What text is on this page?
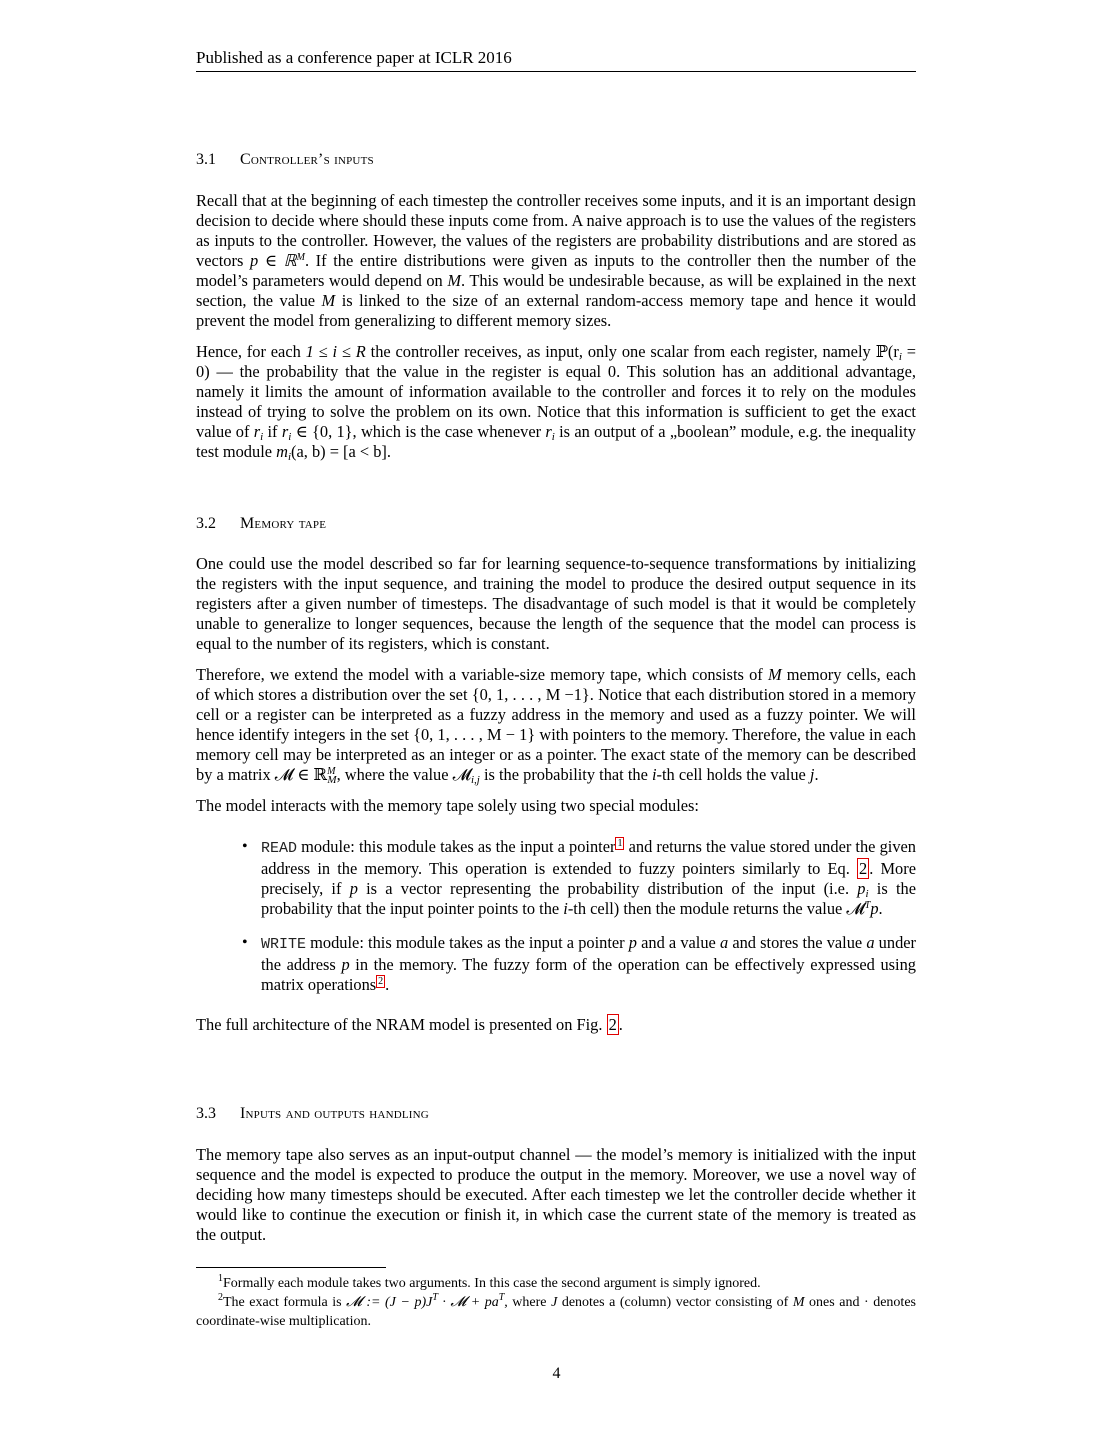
Published as a conference paper at ICLR 2016
3.1 Controller’s inputs

Recall that at the beginning of each timestep the controller receives some inputs, and it is an important design decision to decide where should these inputs come from. A naive approach is to use the values of the registers as inputs to the controller. However, the values of the registers are probability distributions and are stored as vectors p ∈ ℝ$^M$. If the entire distributions were given as inputs to the controller then the number of the model’s parameters would depend on M. This would be undesirable because, as will be explained in the next section, the value M is linked to the size of an external random-access memory tape and hence it would prevent the model from generalizing to different memory sizes.

Hence, for each 1 ≤ i ≤ R the controller receives, as input, only one scalar from each register, namely $ℙ(r_i = 0)$ — the probability that the value in the register is equal 0. This solution has an additional advantage, namely it limits the amount of information available to the controller and forces it to rely on the modules instead of trying to solve the problem on its own. Notice that this information is sufficient to get the exact value of $r_i$ if $r_i$ ∈ {0, 1}, which is the case whenever $r_i$ is an output of a „boolean” module, e.g. the inequality test module $m_i(a$, b) = [a < b].

3.2 Memory tape

One could use the model described so far for learning sequence-to-sequence transformations by initializing the registers with the input sequence, and training the model to produce the desired output sequence in its registers after a given number of timesteps. The disadvantage of such model is that it would be completely unable to generalize to longer sequences, because the length of the sequence that the model can process is equal to the number of its registers, which is constant.

Therefore, we extend the model with a variable-size memory tape, which consists of M memory cells, each of which stores a distribution over the set {0, 1, . . . , M −1}. Notice that each distribution stored in a memory cell or a register can be interpreted as a fuzzy address in the memory and used as a fuzzy pointer. We will hence identify integers in the set {0, 1, . . . , M − 1} with pointers to the memory. Therefore, the value in each memory cell may be interpreted as an integer or as a pointer. The exact state of the memory can be described by a matrix 𝓜 ∈ ℝ$^M_M$, where the value 𝓜$_{i,j}$ is the probability that the i-th cell holds the value j.

The model interacts with the memory tape solely using two special modules:

• READ module: this module takes as the input a pointer $^1$ and returns the value stored under the given address in the memory. This operation is extended to fuzzy pointers similarly to Eq. 2 . More precisely, if p is a vector representing the probability distribution of the input (i.e. $p_i$ is the probability that the input pointer points to the i-th cell) then the module returns the value 𝓜$^T$p.
• WRITE module: this module takes as the input a pointer p and a value a and stores the value a under the address p in the memory. The fuzzy form of the operation can be effectively expressed using matrix operations $^2$ .

The full architecture of the NRAM model is presented on Fig. 2 .

3.3 Inputs and outputs handling

The memory tape also serves as an input-output channel — the model’s memory is initialized with the input sequence and the model is expected to produce the output in the memory. Moreover, we use a novel way of deciding how many timesteps should be executed. After each timestep we let the controller decide whether it would like to continue the execution or finish it, in which case the current state of the memory is treated as the output.

$^1$Formally each module takes two arguments. In this case the second argument is simply ignored.

$^2$The exact formula is 𝓜 := $(J - p)J^T$ · 𝓜 + $pa^T$, where J denotes a (column) vector consisting of M ones and · denotes coordinate-wise multiplication.

4
